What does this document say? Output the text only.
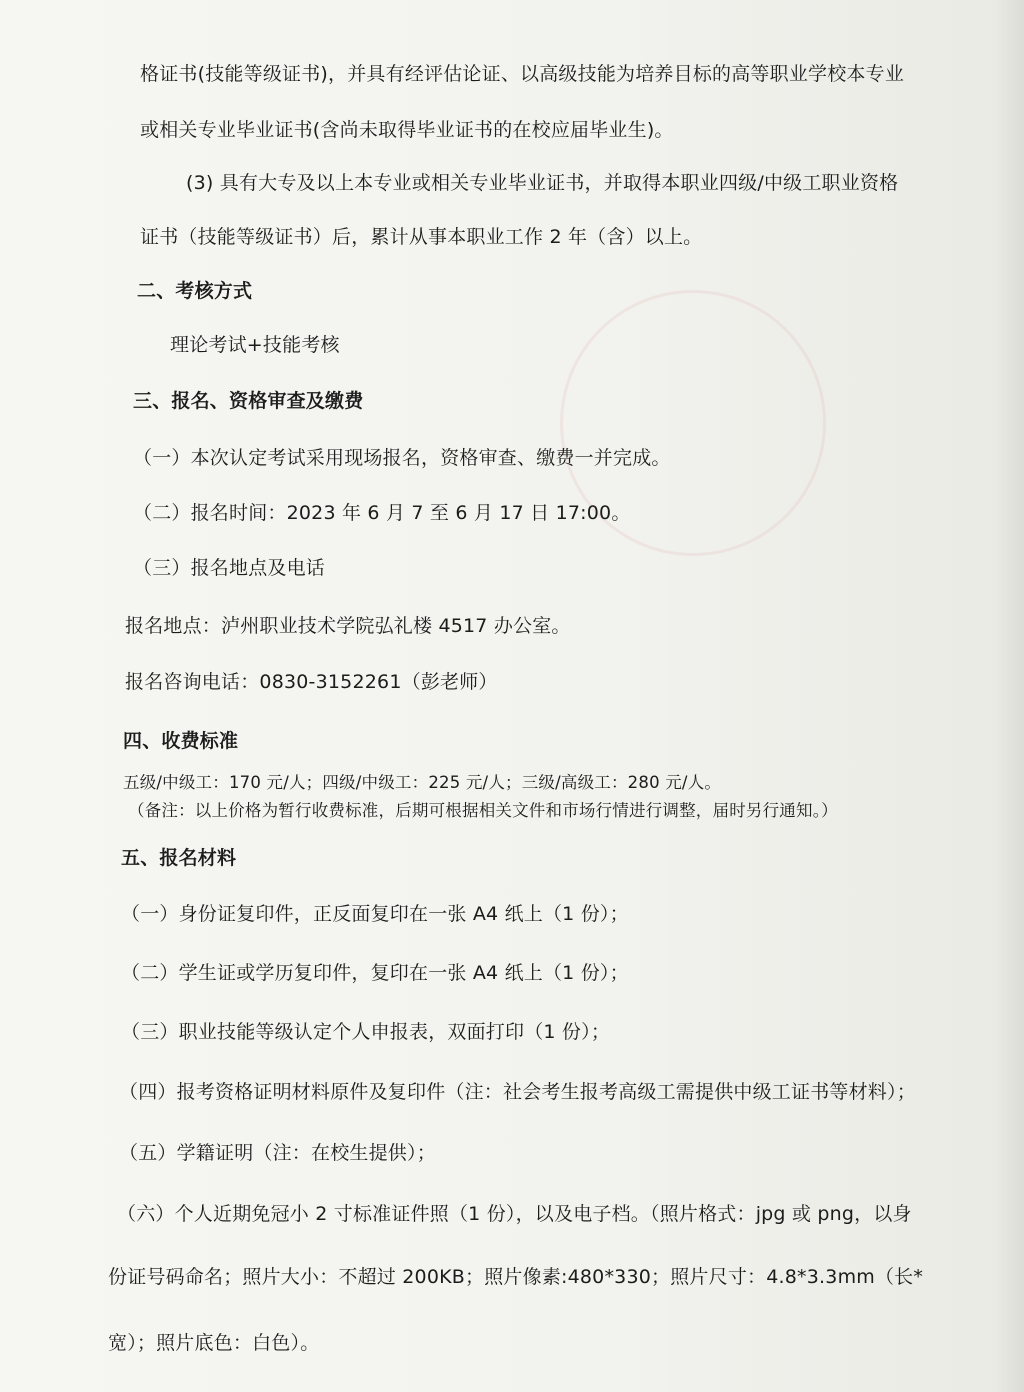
格证书(技能等级证书)，并具有经评估论证、以高级技能为培养目标的高等职业学校本专业
或相关专业毕业证书(含尚未取得毕业证书的在校应届毕业生)。
(3) 具有大专及以上本专业或相关专业毕业证书，并取得本职业四级/中级工职业资格
证书（技能等级证书）后，累计从事本职业工作 2 年（含）以上。
二、考核方式
理论考试+技能考核
三、报名、资格审查及缴费
（一）本次认定考试采用现场报名，资格审查、缴费一并完成。
（二）报名时间：2023 年 6 月 7 至 6 月 17 日 17:00。
（三）报名地点及电话
报名地点：泸州职业技术学院弘礼楼 4517 办公室。
报名咨询电话：0830-3152261（彭老师）
四、收费标准
五级/中级工：170 元/人；四级/中级工：225 元/人；三级/高级工：280 元/人。
（备注：以上价格为暂行收费标准，后期可根据相关文件和市场行情进行调整，届时另行通知。）
五、报名材料
（一）身份证复印件，正反面复印在一张 A4 纸上（1 份）；
（二）学生证或学历复印件，复印在一张 A4 纸上（1 份）；
（三）职业技能等级认定个人申报表，双面打印（1 份）；
（四）报考资格证明材料原件及复印件（注：社会考生报考高级工需提供中级工证书等材料）；
（五）学籍证明（注：在校生提供）；
（六）个人近期免冠小 2 寸标准证件照（1 份），以及电子档。（照片格式：jpg 或 png，以身
份证号码命名；照片大小：不超过 200KB；照片像素:480*330；照片尺寸：4.8*3.3mm（长*
宽）；照片底色：白色）。
